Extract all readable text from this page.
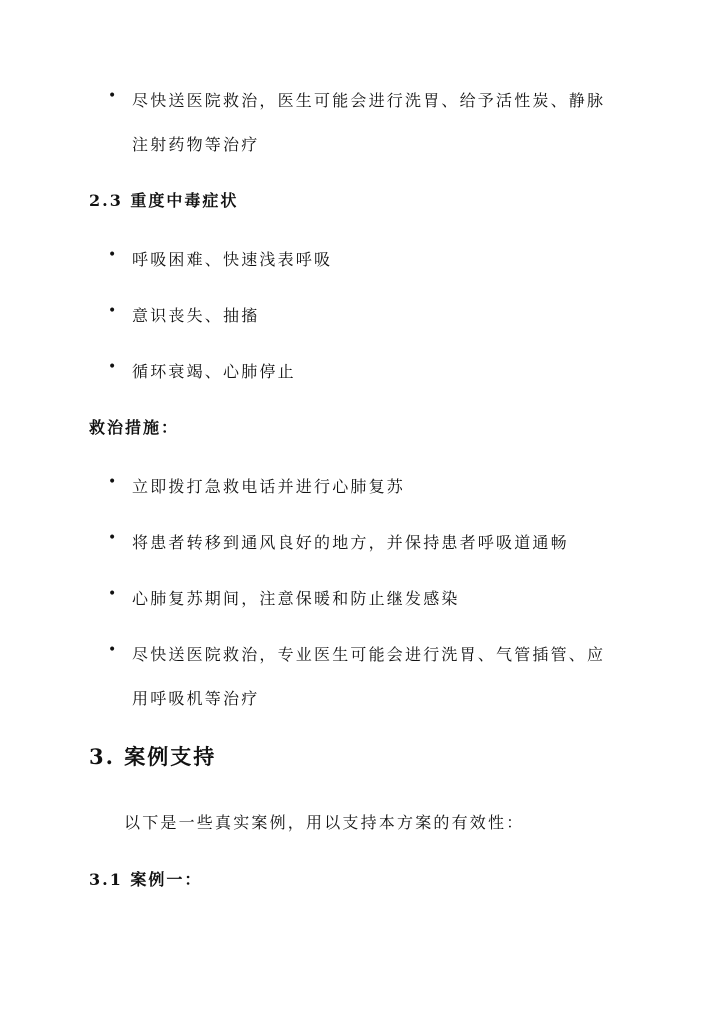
• 尽快送医院救治，医生可能会进行洗胃、给予活性炭、静脉
注射药物等治疗
2.3 重度中毒症状
• 呼吸困难、快速浅表呼吸
• 意识丧失、抽搐
• 循环衰竭、心肺停止
救治措施：
• 立即拨打急救电话并进行心肺复苏
• 将患者转移到通风良好的地方，并保持患者呼吸道通畅
• 心肺复苏期间，注意保暖和防止继发感染
• 尽快送医院救治，专业医生可能会进行洗胃、气管插管、应
用呼吸机等治疗
3. 案例支持
以下是一些真实案例，用以支持本方案的有效性：
3.1 案例一：
